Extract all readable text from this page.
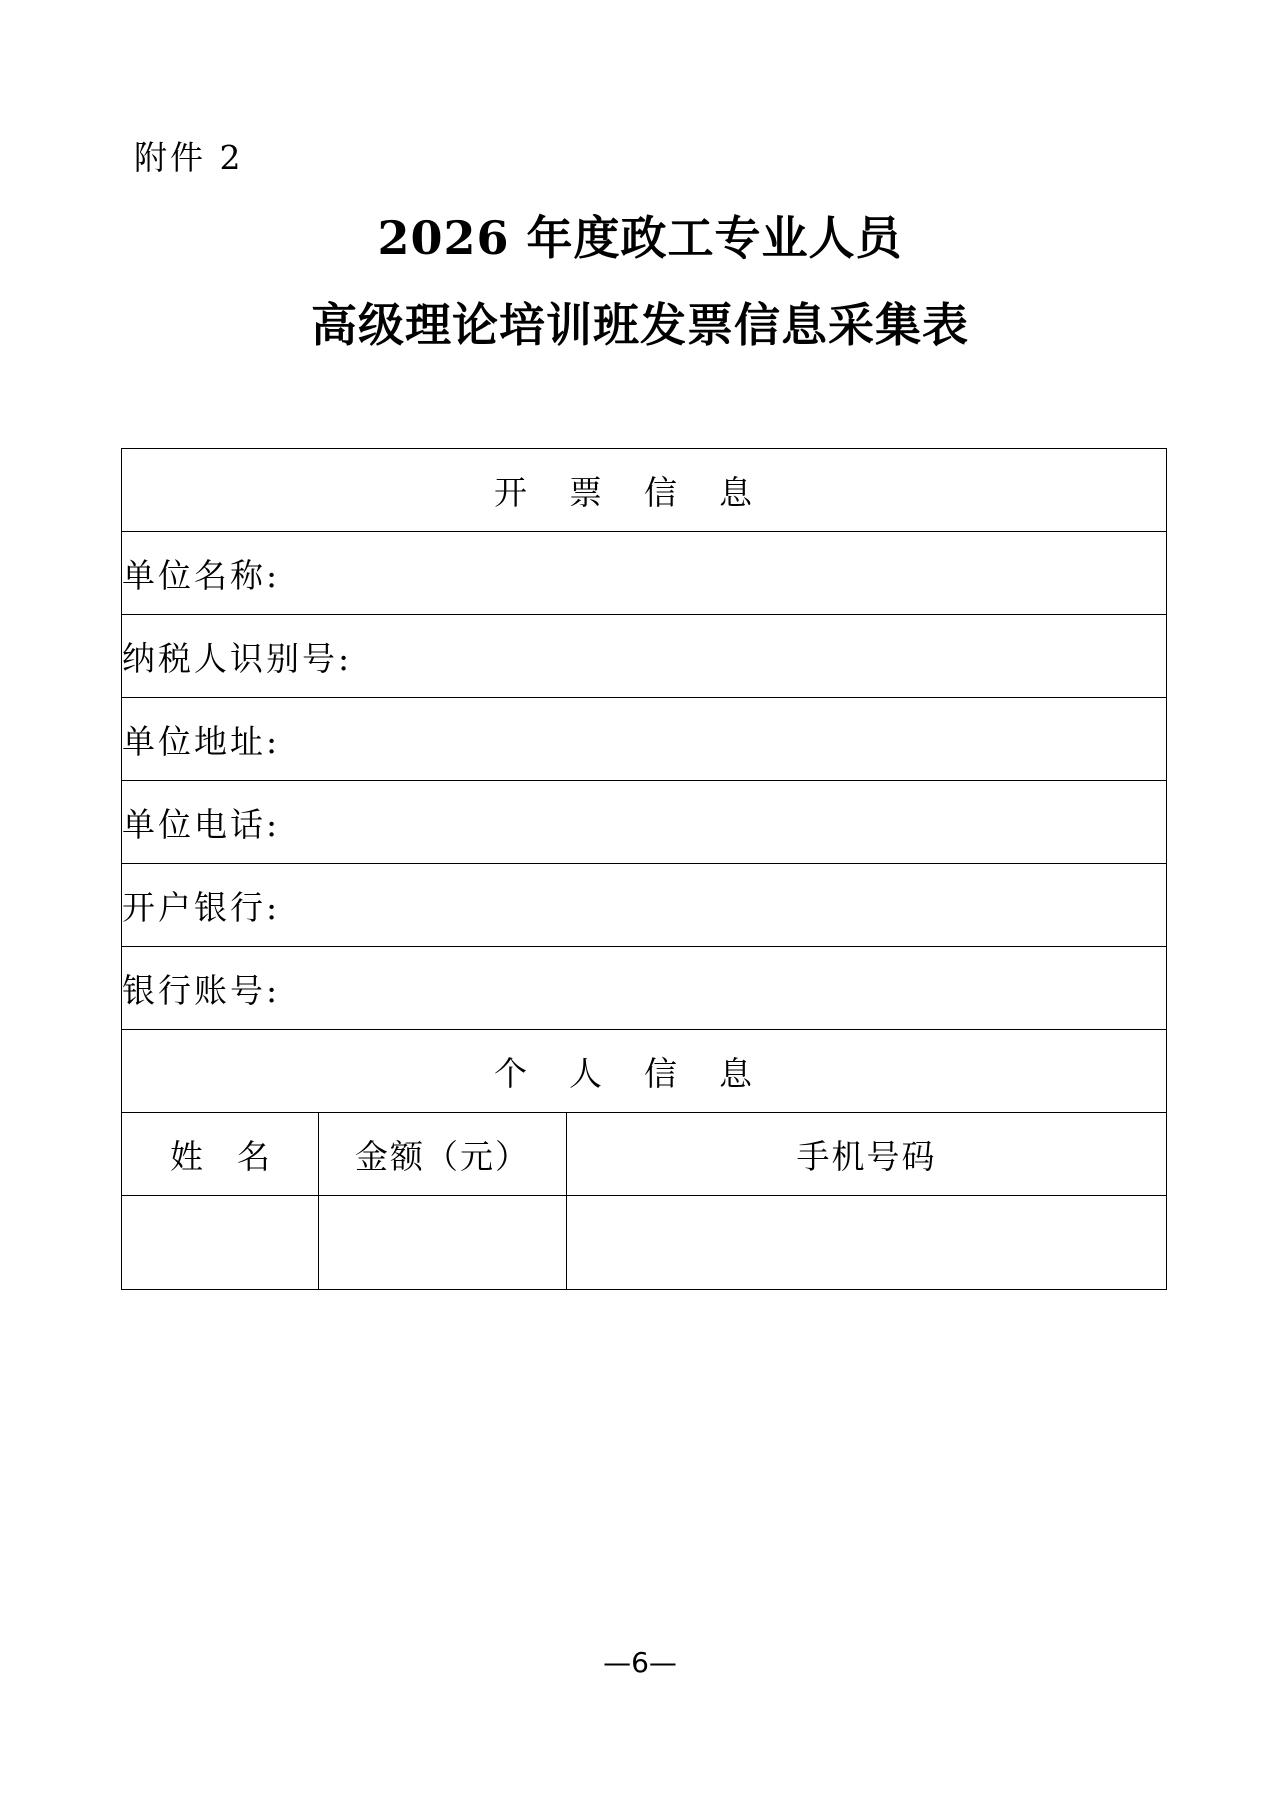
附件 2
2026 年度政工专业人员
高级理论培训班发票信息采集表
开票信息		
单位名称:		
纳税人识别号:		
单位地址:		
单位电话:		
开户银行:		
银行账号:		
个人信息		
姓名	金额（元）	手机号码

—6—
